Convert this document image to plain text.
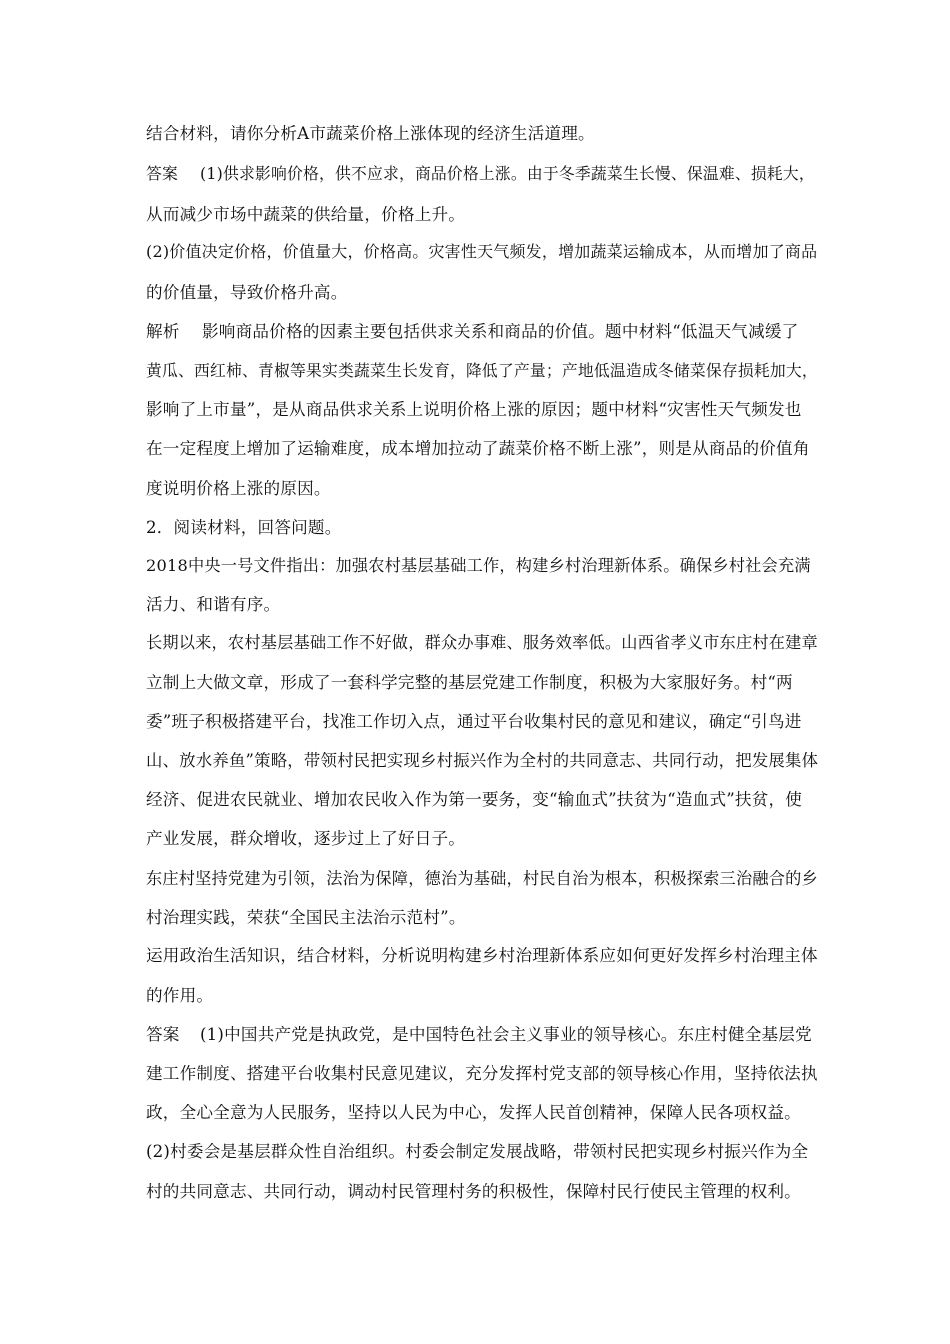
结合材料，请你分析A市蔬菜价格上涨体现的经济生活道理。
答案 (1)供求影响价格，供不应求，商品价格上涨。由于冬季蔬菜生长慢、保温难、损耗大，
从而减少市场中蔬菜的供给量，价格上升。
(2)价值决定价格，价值量大，价格高。灾害性天气频发，增加蔬菜运输成本，从而增加了商品
的价值量，导致价格升高。
解析 影响商品价格的因素主要包括供求关系和商品的价值。题中材料“低温天气减缓了
黄瓜、西红柿、青椒等果实类蔬菜生长发育，降低了产量；产地低温造成冬储菜保存损耗加大，
影响了上市量”，是从商品供求关系上说明价格上涨的原因；题中材料“灾害性天气频发也
在一定程度上增加了运输难度，成本增加拉动了蔬菜价格不断上涨”，则是从商品的价值角
度说明价格上涨的原因。
2．阅读材料，回答问题。
2018中央一号文件指出：加强农村基层基础工作，构建乡村治理新体系。确保乡村社会充满
活力、和谐有序。
长期以来，农村基层基础工作不好做，群众办事难、服务效率低。山西省孝义市东庄村在建章
立制上大做文章，形成了一套科学完整的基层党建工作制度，积极为大家服好务。村“两
委”班子积极搭建平台，找准工作切入点，通过平台收集村民的意见和建议，确定“引鸟进
山、放水养鱼”策略，带领村民把实现乡村振兴作为全村的共同意志、共同行动，把发展集体
经济、促进农民就业、增加农民收入作为第一要务，变“输血式”扶贫为“造血式”扶贫，使
产业发展，群众增收，逐步过上了好日子。
东庄村坚持党建为引领，法治为保障，德治为基础，村民自治为根本，积极探索三治融合的乡
村治理实践，荣获“全国民主法治示范村”。
运用政治生活知识，结合材料，分析说明构建乡村治理新体系应如何更好发挥乡村治理主体
的作用。
答案 (1)中国共产党是执政党，是中国特色社会主义事业的领导核心。东庄村健全基层党
建工作制度、搭建平台收集村民意见建议，充分发挥村党支部的领导核心作用，坚持依法执
政，全心全意为人民服务，坚持以人民为中心，发挥人民首创精神，保障人民各项权益。
(2)村委会是基层群众性自治组织。村委会制定发展战略，带领村民把实现乡村振兴作为全
村的共同意志、共同行动，调动村民管理村务的积极性，保障村民行使民主管理的权利。
